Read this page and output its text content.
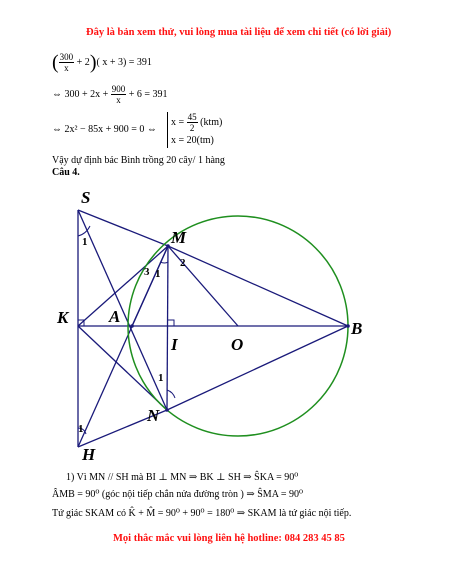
Đây là bản xem thử, vui lòng mua tài liệu để xem chi tiết (có lời giải)
( $\frac{300}{x} + 2$)( x + 3) = 391
⇔ $300 + 2x + \frac{900}{x} + 6 = 391$
⇔ 2x² − 85x + 900 = 0 ⇔
$x = \frac{45}{2} (ktm)$
x = 20(tm)
Vậy dự định bác Bình trồng 20 cây/ 1 hàng
Câu 4.
S
M
K A
B
I	O
N
H
1
2
3 1
1
1
1) Vì MN // SH mà BI ⊥ MN ⇒ BK ⊥ SH ⇒ ŜKA = 90⁰
ÂMB = 90⁰ (góc nội tiếp chắn nửa đường tròn ) ⇒ ŜMA = 90⁰
Tứ giác SKAM có K̂ + M̂ = 90⁰ + 90⁰ = 180⁰ ⇒ SKAM là tứ giác nội tiếp.
Mọi thắc mắc vui lòng liên hệ hotline: 084 283 45 85
